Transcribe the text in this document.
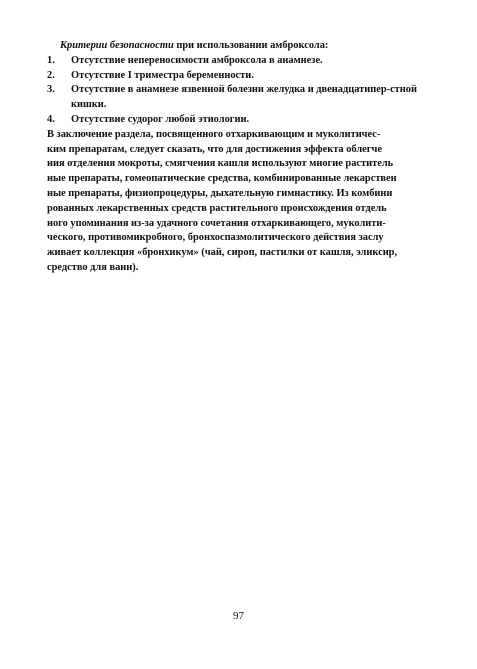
Критерии безопасности при использовании амброксола:
1. Отсутствие непереносимости амброксола в анамнезе.
2. Отсутствие I триместра беременности.
3. Отсутствие в анамнезе язвенной болезни желудка и двенадцатипер-стной кишки.
4. Отсутствие судорог любой этиологии.

В заключение раздела, посвященного отхаркивающим и муколитичес-
ким препаратам, следует сказать, что для достижения эффекта облегче
ния отделения мокроты, смягчения кашля используют многие раститель
ные препараты, гомеопатические средства, комбинированные лекарствен
ные препараты, физиопроцедуры, дыхательную гимнастику. Из комбини
рованных лекарственных средств растительного происхождения отдель
ного упоминания из-за удачного сочетания отхаркивающего, муколити-
ческого, противомикробного, бронхоспазмолитического действия заслу
живает коллекция «бронхикум» (чай, сироп, пастилки от кашля, эликсир,
средство для ванн).

97
